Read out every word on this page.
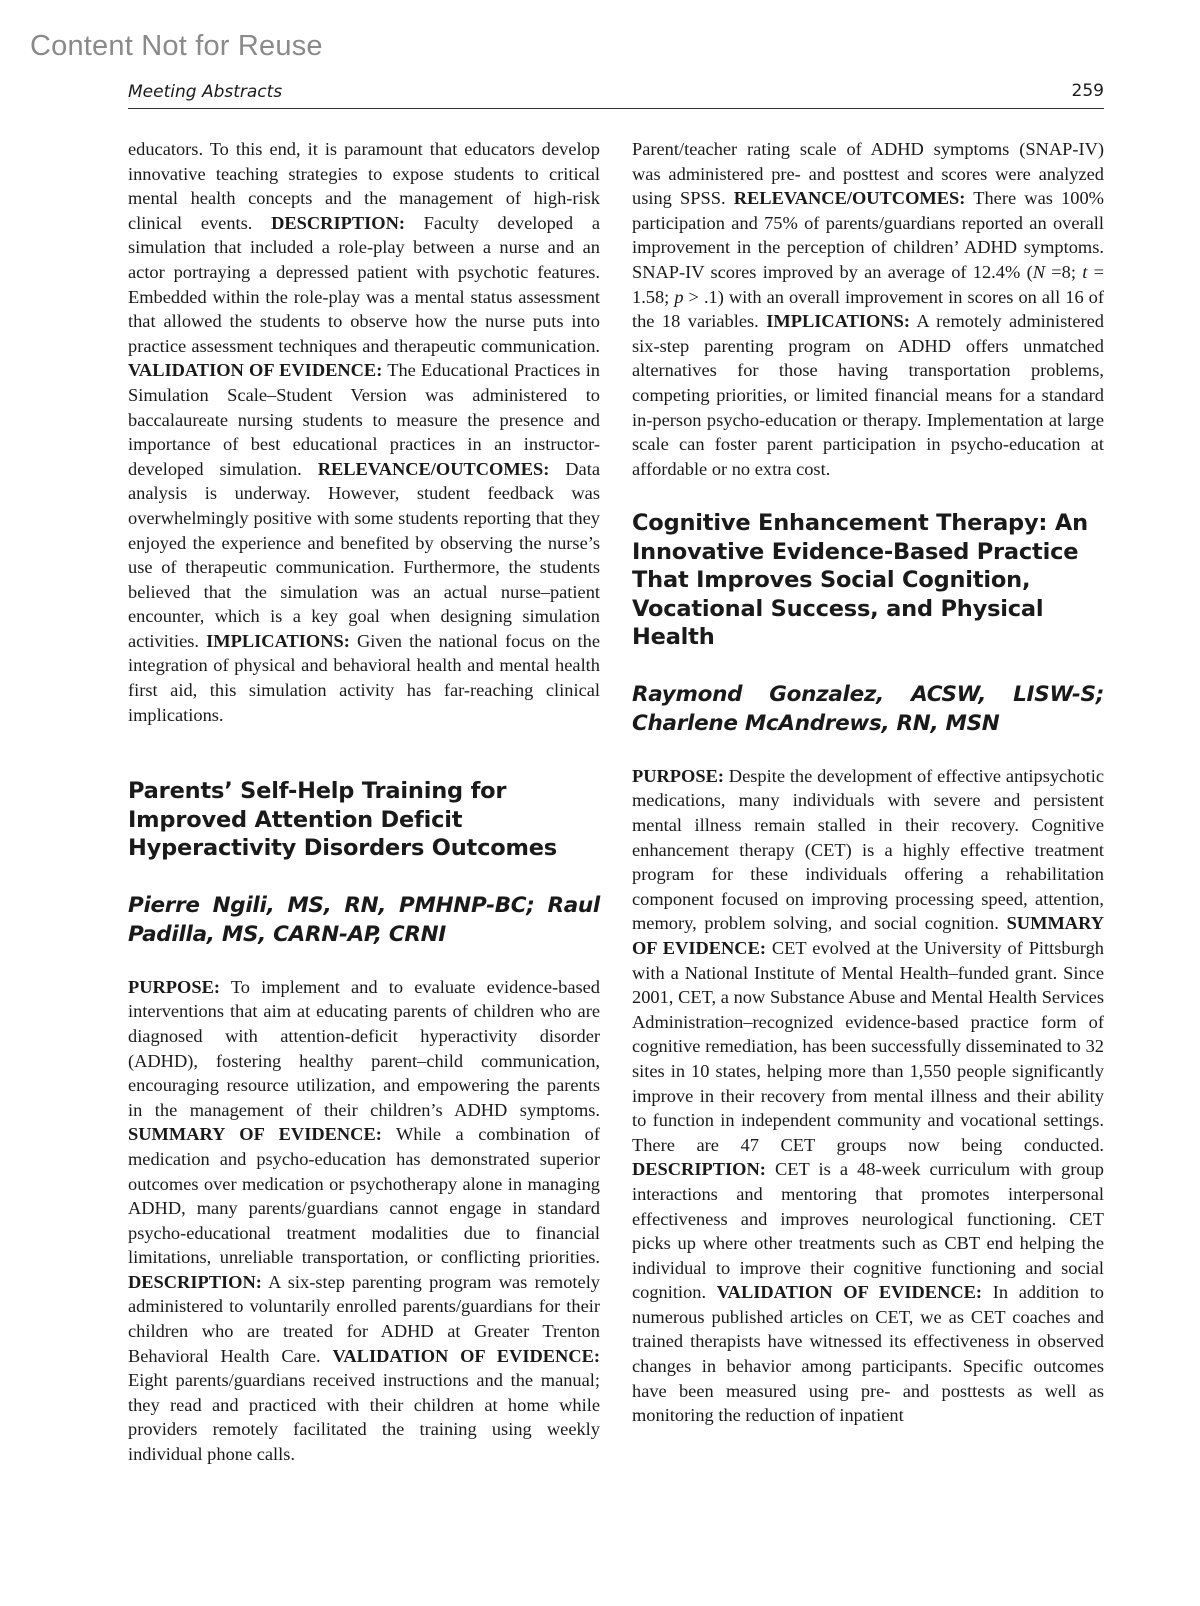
Content Not for Reuse
Meeting Abstracts	259

educators. To this end, it is paramount that educators develop innovative teaching strategies to expose students to critical mental health concepts and the management of high-risk clinical events. DESCRIPTION: Faculty developed a simulation that included a role-play between a nurse and an actor portraying a depressed patient with psychotic features. Embedded within the role-play was a mental status assessment that allowed the students to observe how the nurse puts into practice assessment techniques and therapeutic communication. VALIDATION OF EVIDENCE: The Educational Practices in Simulation Scale–Student Version was administered to baccalaureate nursing students to measure the presence and importance of best educational practices in an instructor-developed simulation. RELEVANCE/OUTCOMES: Data analysis is underway. However, student feedback was overwhelmingly positive with some students reporting that they enjoyed the experience and benefited by observing the nurse’s use of therapeutic communication. Furthermore, the students believed that the simulation was an actual nurse–patient encounter, which is a key goal when designing simulation activities. IMPLICATIONS: Given the national focus on the integration of physical and behavioral health and mental health first aid, this simulation activity has far-reaching clinical implications.

Parents’ Self-Help Training for Improved Attention Deficit Hyperactivity Disorders Outcomes

Pierre Ngili, MS, RN, PMHNP-BC; Raul Padilla, MS, CARN-AP, CRNI

PURPOSE: To implement and to evaluate evidence-based interventions that aim at educating parents of children who are diagnosed with attention-deficit hyperactivity disorder (ADHD), fostering healthy parent–child communication, encouraging resource utilization, and empowering the parents in the management of their children’s ADHD symptoms. SUMMARY OF EVIDENCE: While a combination of medication and psycho-education has demonstrated superior outcomes over medication or psychotherapy alone in managing ADHD, many parents/guardians cannot engage in standard psycho-educational treatment modalities due to financial limitations, unreliable transportation, or conflicting priorities. DESCRIPTION: A six-step parenting program was remotely administered to voluntarily enrolled parents/guardians for their children who are treated for ADHD at Greater Trenton Behavioral Health Care. VALIDATION OF EVIDENCE: Eight parents/guardians received instructions and the manual; they read and practiced with their children at home while providers remotely facilitated the training using weekly individual phone calls.

Parent/teacher rating scale of ADHD symptoms (SNAP-IV) was administered pre- and posttest and scores were analyzed using SPSS. RELEVANCE/OUTCOMES: There was 100% participation and 75% of parents/guardians reported an overall improvement in the perception of children’ ADHD symptoms. SNAP-IV scores improved by an average of 12.4% (N =8; t = 1.58; p > .1) with an overall improvement in scores on all 16 of the 18 variables. IMPLICATIONS: A remotely administered six-step parenting program on ADHD offers unmatched alternatives for those having transportation problems, competing priorities, or limited financial means for a standard in-person psycho-education or therapy. Implementation at large scale can foster parent participation in psycho-education at affordable or no extra cost.

Cognitive Enhancement Therapy: An Innovative Evidence-Based Practice That Improves Social Cognition, Vocational Success, and Physical Health

Raymond Gonzalez, ACSW, LISW-S; Charlene McAndrews, RN, MSN

PURPOSE: Despite the development of effective antipsychotic medications, many individuals with severe and persistent mental illness remain stalled in their recovery. Cognitive enhancement therapy (CET) is a highly effective treatment program for these individuals offering a rehabilitation component focused on improving processing speed, attention, memory, problem solving, and social cognition. SUMMARY OF EVIDENCE: CET evolved at the University of Pittsburgh with a National Institute of Mental Health–funded grant. Since 2001, CET, a now Substance Abuse and Mental Health Services Administration–recognized evidence-based practice form of cognitive remediation, has been successfully disseminated to 32 sites in 10 states, helping more than 1,550 people significantly improve in their recovery from mental illness and their ability to function in independent community and vocational settings. There are 47 CET groups now being conducted. DESCRIPTION: CET is a 48-week curriculum with group interactions and mentoring that promotes interpersonal effectiveness and improves neurological functioning. CET picks up where other treatments such as CBT end helping the individual to improve their cognitive functioning and social cognition. VALIDATION OF EVIDENCE: In addition to numerous published articles on CET, we as CET coaches and trained therapists have witnessed its effectiveness in observed changes in behavior among participants. Specific outcomes have been measured using pre- and posttests as well as monitoring the reduction of inpatient
